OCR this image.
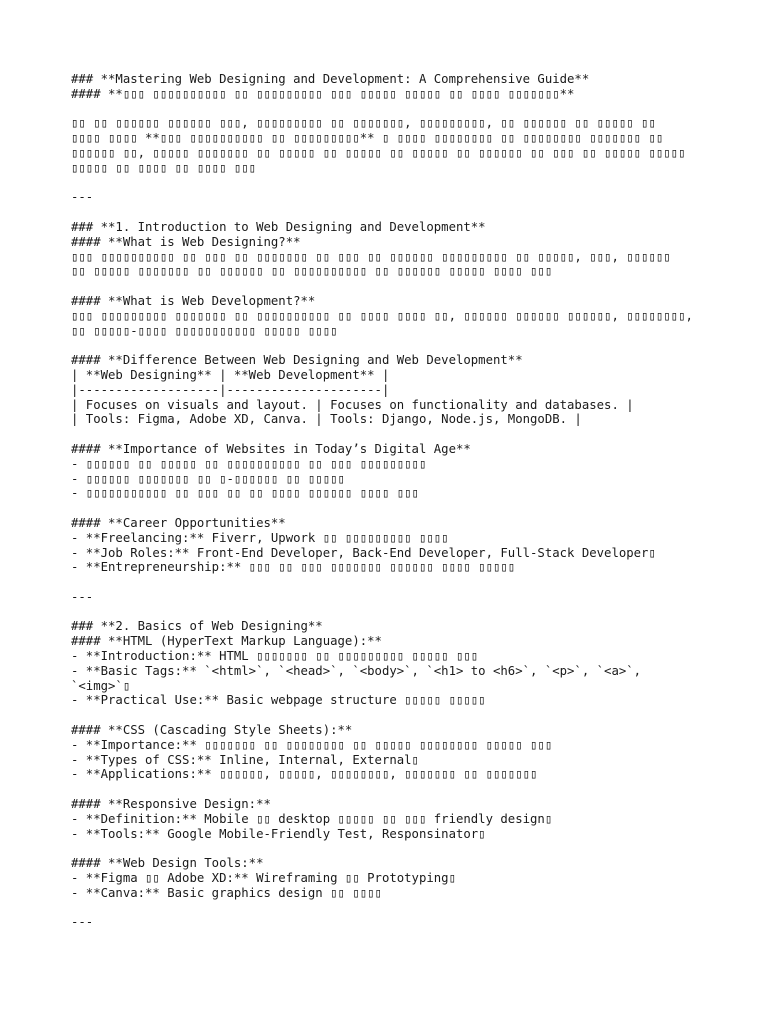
### **Mastering Web Designing and Development: A Comprehensive Guide**
#### **▯▯▯ ▯▯▯▯▯▯▯▯▯▯ ▯▯ ▯▯▯▯▯▯▯▯▯ ▯▯▯ ▯▯▯▯▯ ▯▯▯▯▯ ▯▯ ▯▯▯▯ ▯▯▯▯▯▯▯**
▯▯ ▯▯ ▯▯▯▯▯▯ ▯▯▯▯▯▯ ▯▯▯, ▯▯▯▯▯▯▯▯▯ ▯▯ ▯▯▯▯▯▯▯, ▯▯▯▯▯▯▯▯▯, ▯▯ ▯▯▯▯▯▯ ▯▯ ▯▯▯▯▯ ▯▯
▯▯▯▯ ▯▯▯▯ **▯▯▯ ▯▯▯▯▯▯▯▯▯▯ ▯▯ ▯▯▯▯▯▯▯▯▯** ▯ ▯▯▯▯ ▯▯▯▯▯▯▯▯ ▯▯ ▯▯▯▯▯▯▯▯ ▯▯▯▯▯▯▯ ▯▯
▯▯▯▯▯▯ ▯▯, ▯▯▯▯▯ ▯▯▯▯▯▯▯ ▯▯ ▯▯▯▯▯ ▯▯ ▯▯▯▯▯ ▯▯ ▯▯▯▯▯ ▯▯ ▯▯▯▯▯▯ ▯▯ ▯▯▯ ▯▯ ▯▯▯▯▯ ▯▯▯▯▯
▯▯▯▯▯ ▯▯ ▯▯▯▯ ▯▯ ▯▯▯▯ ▯▯▯
---
### **1. Introduction to Web Designing and Development**
#### **What is Web Designing?**
▯▯▯ ▯▯▯▯▯▯▯▯▯▯ ▯▯ ▯▯▯ ▯▯ ▯▯▯▯▯▯▯ ▯▯ ▯▯▯ ▯▯ ▯▯▯▯▯▯ ▯▯▯▯▯▯▯▯▯ ▯▯ ▯▯▯▯▯, ▯▯▯, ▯▯▯▯▯▯
▯▯ ▯▯▯▯▯ ▯▯▯▯▯▯▯ ▯▯ ▯▯▯▯▯▯ ▯▯ ▯▯▯▯▯▯▯▯▯▯ ▯▯ ▯▯▯▯▯▯ ▯▯▯▯▯ ▯▯▯▯ ▯▯▯
#### **What is Web Development?**
▯▯▯ ▯▯▯▯▯▯▯▯▯ ▯▯▯▯▯▯▯ ▯▯ ▯▯▯▯▯▯▯▯▯▯ ▯▯ ▯▯▯▯ ▯▯▯▯ ▯▯, ▯▯▯▯▯▯ ▯▯▯▯▯▯ ▯▯▯▯▯▯, ▯▯▯▯▯▯▯▯,
▯▯ ▯▯▯▯▯-▯▯▯▯ ▯▯▯▯▯▯▯▯▯▯▯ ▯▯▯▯▯ ▯▯▯▯
#### **Difference Between Web Designing and Web Development**
| **Web Designing** | **Web Development** |
|-------------------|---------------------|
| Focuses on visuals and layout. | Focuses on functionality and databases. |
| Tools: Figma, Adobe XD, Canva. | Tools: Django, Node.js, MongoDB. |
#### **Importance of Websites in Today’s Digital Age**
- ▯▯▯▯▯▯ ▯▯ ▯▯▯▯▯ ▯▯ ▯▯▯▯▯▯▯▯▯▯ ▯▯ ▯▯▯ ▯▯▯▯▯▯▯▯▯
- ▯▯▯▯▯▯ ▯▯▯▯▯▯▯ ▯▯ ▯-▯▯▯▯▯▯ ▯▯ ▯▯▯▯▯
- ▯▯▯▯▯▯▯▯▯▯▯ ▯▯ ▯▯▯ ▯▯ ▯▯ ▯▯▯▯ ▯▯▯▯▯▯ ▯▯▯▯ ▯▯▯
#### **Career Opportunities**
- **Freelancing:** Fiverr, Upwork ▯▯ ▯▯▯▯▯▯▯▯▯ ▯▯▯▯
- **Job Roles:** Front-End Developer, Back-End Developer, Full-Stack Developer▯
- **Entrepreneurship:** ▯▯▯ ▯▯ ▯▯▯ ▯▯▯▯▯▯▯ ▯▯▯▯▯▯ ▯▯▯▯ ▯▯▯▯▯
---
### **2. Basics of Web Designing**
#### **HTML (HyperText Markup Language):**
- **Introduction:** HTML ▯▯▯▯▯▯▯ ▯▯ ▯▯▯▯▯▯▯▯▯ ▯▯▯▯▯ ▯▯▯
- **Basic Tags:** `<html>`, `<head>`, `<body>`, `<h1> to <h6>`, `<p>`, `<a>`,
`<img>`▯
- **Practical Use:** Basic webpage structure ▯▯▯▯▯ ▯▯▯▯▯
#### **CSS (Cascading Style Sheets):**
- **Importance:** ▯▯▯▯▯▯▯ ▯▯ ▯▯▯▯▯▯▯▯ ▯▯ ▯▯▯▯▯ ▯▯▯▯▯▯▯▯ ▯▯▯▯▯ ▯▯▯
- **Types of CSS:** Inline, Internal, External▯
- **Applications:** ▯▯▯▯▯▯, ▯▯▯▯▯, ▯▯▯▯▯▯▯▯, ▯▯▯▯▯▯▯ ▯▯ ▯▯▯▯▯▯▯
#### **Responsive Design:**
- **Definition:** Mobile ▯▯ desktop ▯▯▯▯▯ ▯▯ ▯▯▯ friendly design▯
- **Tools:** Google Mobile-Friendly Test, Responsinator▯
#### **Web Design Tools:**
- **Figma ▯▯ Adobe XD:** Wireframing ▯▯ Prototyping▯
- **Canva:** Basic graphics design ▯▯ ▯▯▯▯
---
